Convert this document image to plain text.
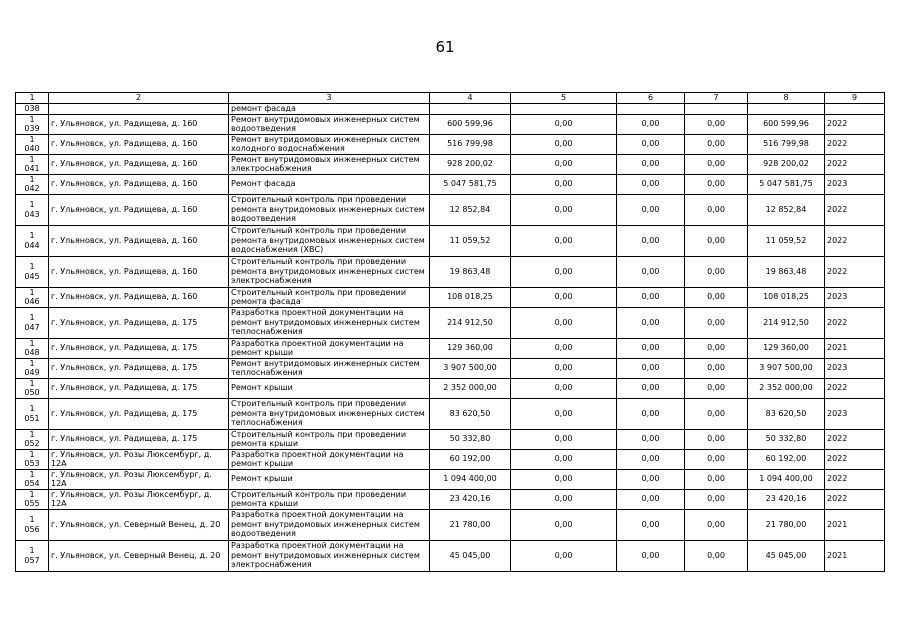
61
1	2	3	4	5	6	7	8	9

038		ремонт фасада						

1
039	г. Ульяновск, ул. Радищева, д. 160	Ремонт внутридомовых инженерных систем водоотведения	600 599,96	0,00	0,00	0,00	600 599,96	2022

1
040	г. Ульяновск, ул. Радищева, д. 160	Ремонт внутридомовых инженерных систем холодного водоснабжения	516 799,98	0,00	0,00	0,00	516 799,98	2022

1
041	г. Ульяновск, ул. Радищева, д. 160	Ремонт внутридомовых инженерных систем электроснабжения	928 200,02	0,00	0,00	0,00	928 200,02	2022

1
042	г. Ульяновск, ул. Радищева, д. 160	Ремонт фасада	5 047 581,75	0,00	0,00	0,00	5 047 581,75	2023

1
043	г. Ульяновск, ул. Радищева, д. 160	Строительный контроль при проведении ремонта внутридомовых инженерных систем водоотведения	12 852,84	0,00	0,00	0,00	12 852,84	2022

1
044	г. Ульяновск, ул. Радищева, д. 160	Строительный контроль при проведении ремонта внутридомовых инженерных систем водоснабжения (ХВС)	11 059,52	0,00	0,00	0,00	11 059,52	2022

1
045	г. Ульяновск, ул. Радищева, д. 160	Строительный контроль при проведении ремонта внутридомовых инженерных систем электроснабжения	19 863,48	0,00	0,00	0,00	19 863,48	2022

1
046	г. Ульяновск, ул. Радищева, д. 160	Строительный контроль при проведении ремонта фасада	108 018,25	0,00	0,00	0,00	108 018,25	2023

1
047	г. Ульяновск, ул. Радищева, д. 175	Разработка проектной документации на ремонт внутридомовых инженерных систем теплоснабжения	214 912,50	0,00	0,00	0,00	214 912,50	2022

1
048	г. Ульяновск, ул. Радищева, д. 175	Разработка проектной документации на ремонт крыши	129 360,00	0,00	0,00	0,00	129 360,00	2021

1
049	г. Ульяновск, ул. Радищева, д. 175	Ремонт внутридомовых инженерных систем теплоснабжения	3 907 500,00	0,00	0,00	0,00	3 907 500,00	2023

1
050	г. Ульяновск, ул. Радищева, д. 175	Ремонт крыши	2 352 000,00	0,00	0,00	0,00	2 352 000,00	2022

1
051	г. Ульяновск, ул. Радищева, д. 175	Строительный контроль при проведении ремонта внутридомовых инженерных систем теплоснабжения	83 620,50	0,00	0,00	0,00	83 620,50	2023

1
052	г. Ульяновск, ул. Радищева, д. 175	Строительный контроль при проведении ремонта крыши	50 332,80	0,00	0,00	0,00	50 332,80	2022

1
053	г. Ульяновск, ул. Розы Люксембург, д. 12А	Разработка проектной документации на ремонт крыши	60 192,00	0,00	0,00	0,00	60 192,00	2022

1
054	г. Ульяновск, ул. Розы Люксембург, д. 12А	Ремонт крыши	1 094 400,00	0,00	0,00	0,00	1 094 400,00	2022

1
055	г. Ульяновск, ул. Розы Люксембург, д. 12А	Строительный контроль при проведении ремонта крыши	23 420,16	0,00	0,00	0,00	23 420,16	2022

1
056	г. Ульяновск, ул. Северный Венец, д. 20	Разработка проектной документации на ремонт внутридомовых инженерных систем водоотведения	21 780,00	0,00	0,00	0,00	21 780,00	2021

1
057	г. Ульяновск, ул. Северный Венец, д. 20	Разработка проектной документации на ремонт внутридомовых инженерных систем электроснабжения	45 045,00	0,00	0,00	0,00	45 045,00	2021
